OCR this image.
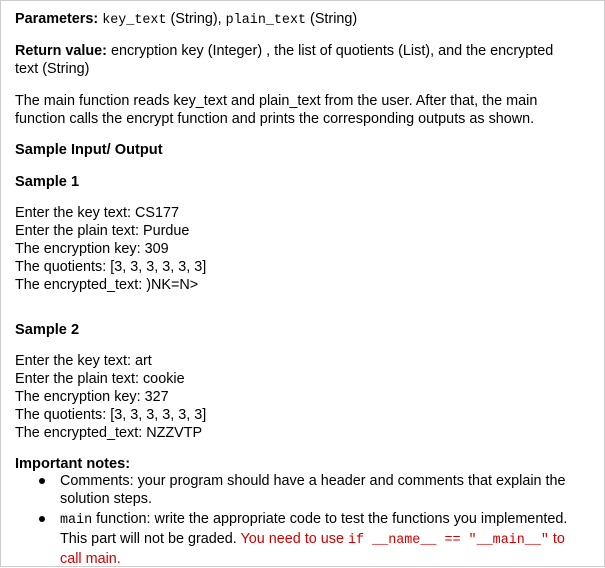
Parameters: key_text (String), plain_text (String)
Return value: encryption key (Integer) , the list of quotients (List), and the encrypted text (String)
The main function reads key_text and plain_text from the user. After that, the main function calls the encrypt function and prints the corresponding outputs as shown.
Sample Input/ Output
Sample 1
Enter the key text: CS177
Enter the plain text: Purdue
The encryption key: 309
The quotients: [3, 3, 3, 3, 3, 3]
The encrypted_text: )NK=N>
Sample 2
Enter the key text: art
Enter the plain text: cookie
The encryption key: 327
The quotients: [3, 3, 3, 3, 3, 3]
The encrypted_text: NZZVTP
Important notes:
Comments: your program should have a header and comments that explain the solution steps.
main function: write the appropriate code to test the functions you implemented. This part will not be graded. You need to use if __name__ == "__main__" to call main.
